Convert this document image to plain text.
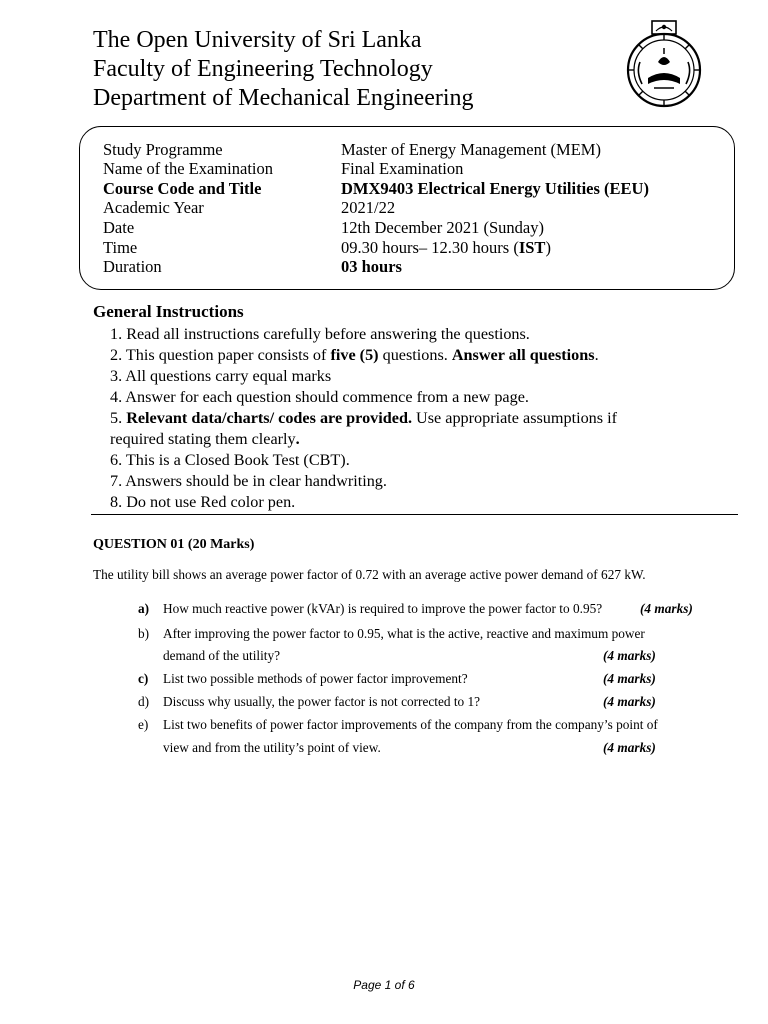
The Open University of Sri Lanka
Faculty of Engineering Technology
Department of Mechanical Engineering
Study Programme	Master of Energy Management (MEM)
Name of the Examination	Final Examination
Course Code and Title	DMX9403 Electrical Energy Utilities (EEU)
Academic Year	2021/22
Date	12th December 2021 (Sunday)
Time	09.30 hours– 12.30 hours (IST)
Duration	03 hours
General Instructions
1. Read all instructions carefully before answering the questions.
2. This question paper consists of five (5) questions. Answer all questions.
3. All questions carry equal marks
4. Answer for each question should commence from a new page.
5. Relevant data/charts/ codes are provided. Use appropriate assumptions if
required stating them clearly.
6. This is a Closed Book Test (CBT).
7. Answers should be in clear handwriting.
8. Do not use Red color pen.
QUESTION 01 (20 Marks)
The utility bill shows an average power factor of 0.72 with an average active power demand of 627 kW.
a) How much reactive power (kVAr) is required to improve the power factor to 0.95?	(4 marks)
b) After improving the power factor to 0.95, what is the active, reactive and maximum power
demand of the utility?	(4 marks)
c) List two possible methods of power factor improvement?	(4 marks)
d) Discuss why usually, the power factor is not corrected to 1?	(4 marks)
e) List two benefits of power factor improvements of the company from the company’s point of
view and from the utility’s point of view.	(4 marks)
Page 1 of 6
